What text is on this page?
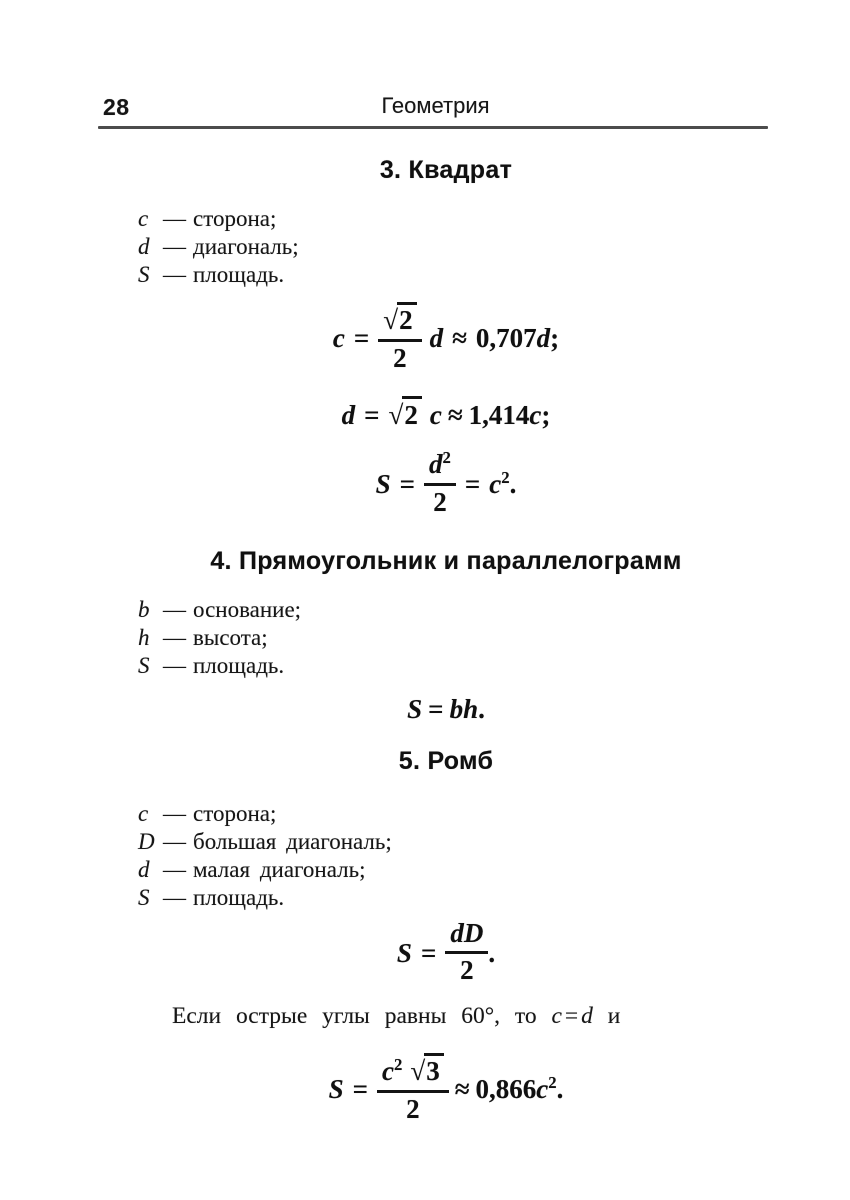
28	Геометрия
3. Квадрат
c — сторона;
d — диагональ;
S — площадь.
$c = \frac{√2}{2}$ d ≈ 0,707d;
d = √2 c ≈ 1,414c;
$S = \frac{d^2}{2} = c^2$.
4. Прямоугольник и параллелограмм
b — основание;
h — высота;
S — площадь.
S = bh.
5. Ромб
c — сторона;
D — большая диагональ;
d — малая диагональ;
S — площадь.
$S = \frac{dD}{2}$ .
Если острые углы равны 60°, то c = d и
$S = \frac{c^2 √3}{2} \approx 0,866c^2$.
